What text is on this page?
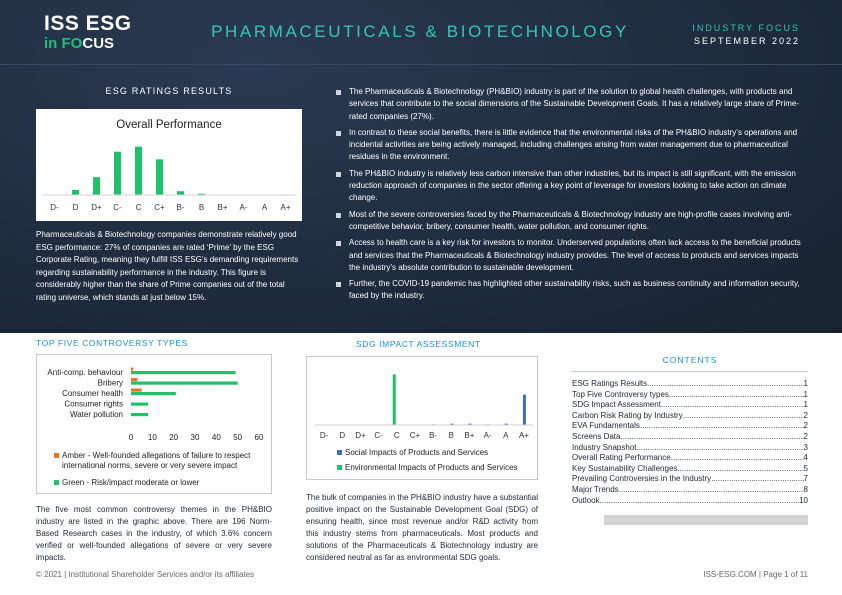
ISS ESG
in FOCUS
PHARMACEUTICALS & BIOTECHNOLOGY	INDUSTRY FOCUS
SEPTEMBER 2022
ESG RATINGS RESULTS
Overall Performance
D- D D+ C- C C+ B- B B+ A- A A+
Pharmaceuticals & Biotechnology companies demonstrate relatively good ESG performance: 27% of companies are rated ‘Prime’ by the ESG Corporate Rating, meaning they fulfill ISS ESG’s demanding requirements regarding sustainability performance in the industry. This figure is considerably higher than the share of Prime companies out of the total rating universe, which stands at just below 15%.
The Pharmaceuticals & Biotechnology (PH&BIO) industry is part of the solution to global health challenges, with products and services that contribute to the social dimensions of the Sustainable Development Goals. It has a relatively large share of Prime-rated companies (27%).
In contrast to these social benefits, there is little evidence that the environmental risks of the PH&BIO industry’s operations and incidental activities are being actively managed, including challenges arising from water management due to pharmaceutical residues in the environment.
The PH&BIO industry is relatively less carbon intensive than other industries, but its impact is still significant, with the emission reduction approach of companies in the sector offering a key point of leverage for investors looking to take action on climate change.
Most of the severe controversies faced by the Pharmaceuticals & Biotechnology industry are high-profile cases involving anti-competitive behavior, bribery, consumer health, water pollution, and consumer rights.
Access to health care is a key risk for investors to monitor. Underserved populations often lack access to the beneficial products and services that the Pharmaceuticals & Biotechnology industry provides. The level of access to products and services impacts the industry’s absolute contribution to sustainable development.
Further, the COVID-19 pandemic has highlighted other sustainability risks, such as business continuity and information security, faced by the industry.
TOP FIVE CONTROVERSY TYPES
Anti-comp. behaviour
Bribery
Consumer health
Consumer rights
Water pollution
0 10 20 30 40 50 60
Amber - Well-founded allegations of failure to respect international norms, severe or very severe impact
Green - Risk/impact moderate or lower
The five most common controversy themes in the PH&BIO industry are listed in the graphic above. There are 196 Norm-Based Research cases in the industry, of which 3.6% concern verified or well-founded allegations of severe or very severe impacts.
SDG IMPACT ASSESSMENT
D- D D+ C- C C+ B- B B+ A- A A+
Social Impacts of Products and Services
Environmental Impacts of Products and Services
The bulk of companies in the PH&BIO industry have a substantial positive impact on the Sustainable Development Goal (SDG) of ensuring health, since most revenue and/or R&D activity from this industry stems from pharmaceuticals. Most products and solutions of the Pharmaceuticals & Biotechnology industry are considered neutral as far as environmental SDG goals.
CONTENTS
ESG Ratings Results .....	1
Top Five Controversy types .....	1
SDG Impact Assessment .....	1
Carbon Risk Rating by Industry .....	2
EVA Fundamentals .....	2
Screens Data .....	2
Industry Snapshot .....	3
Overall Rating Performance .....	4
Key Sustainability Challenges .....	5
Prevailing Controversies in the Industry .....	7
Major Trends .....	8
Outlook .....	10
© 2021 | Institutional Shareholder Services and/or its affiliates	ISS-ESG.COM | Page 1 of 11
